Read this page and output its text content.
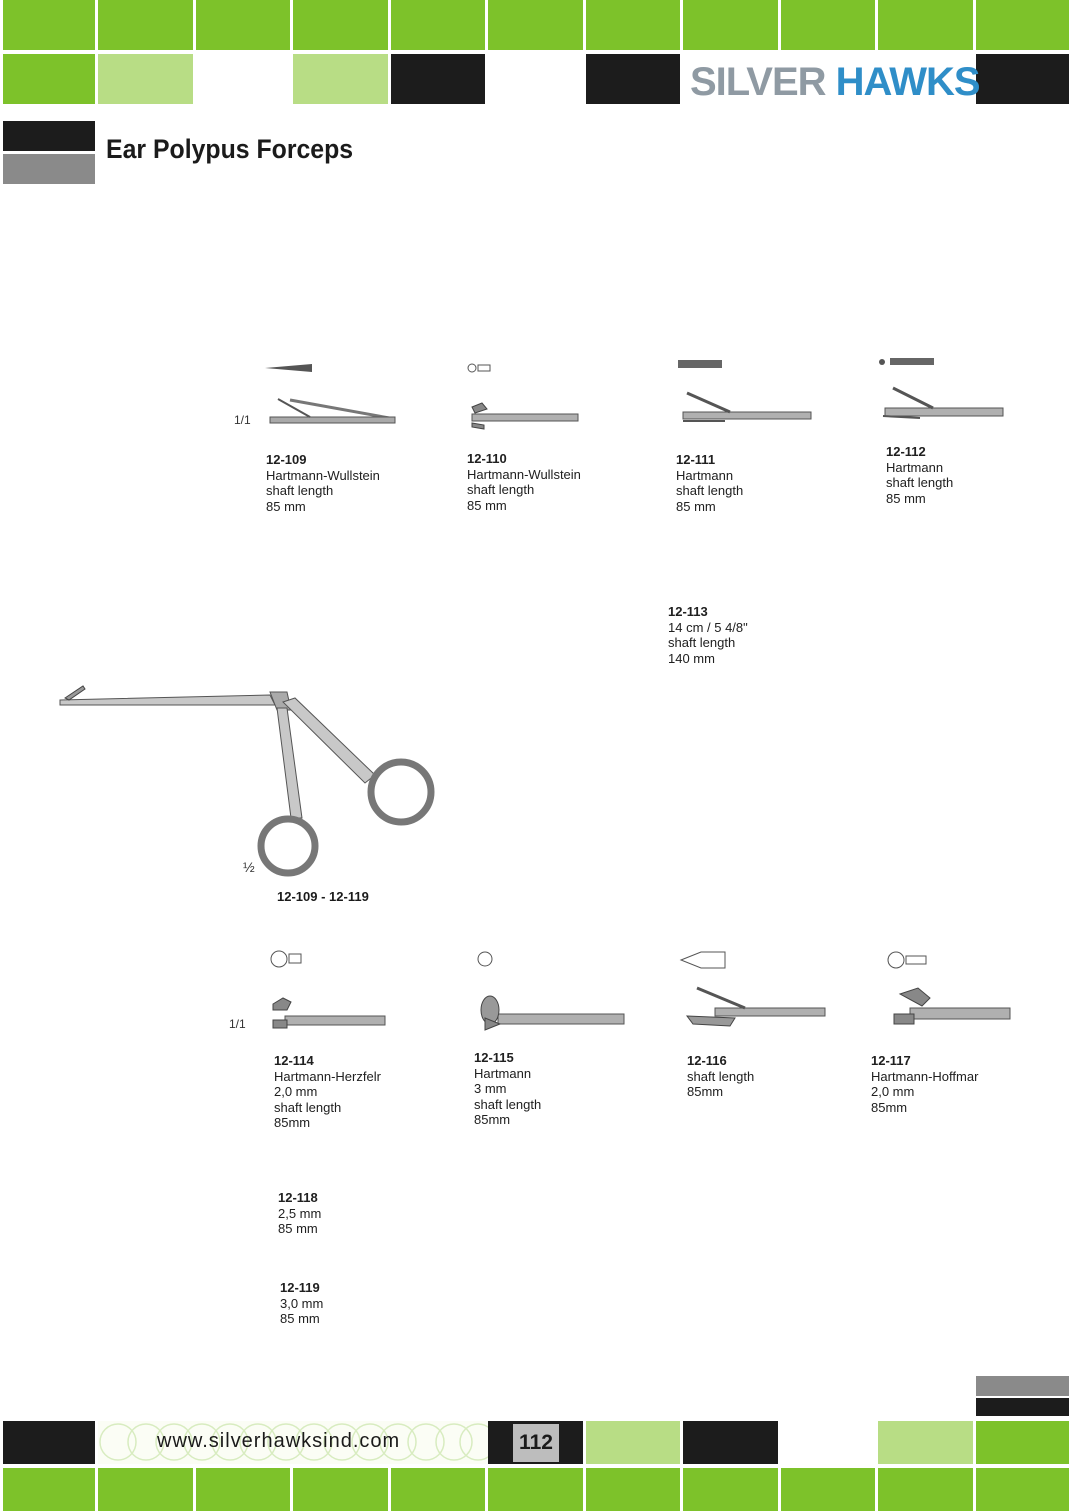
SILVER HAWKS
Ear Polypus Forceps
1/1
12-109
Hartmann-Wullstein
shaft length
85 mm
12-110
Hartmann-Wullstein
shaft length
85 mm
12-111
Hartmann
shaft length
85 mm
12-112
Hartmann
shaft length
85 mm
12-113
14 cm / 5 4/8"
shaft length
140 mm
½
12-109 - 12-119
1/1
12-114
Hartmann-Herzfelr
2,0 mm
shaft length
85mm
12-115
Hartmann
3 mm
shaft length
85mm
12-116
shaft length
85mm
12-117
Hartmann-Hoffmar
2,0 mm
85mm
12-118
2,5 mm
85 mm
12-119
3,0 mm
85 mm
www.silverhawksind.com	112
